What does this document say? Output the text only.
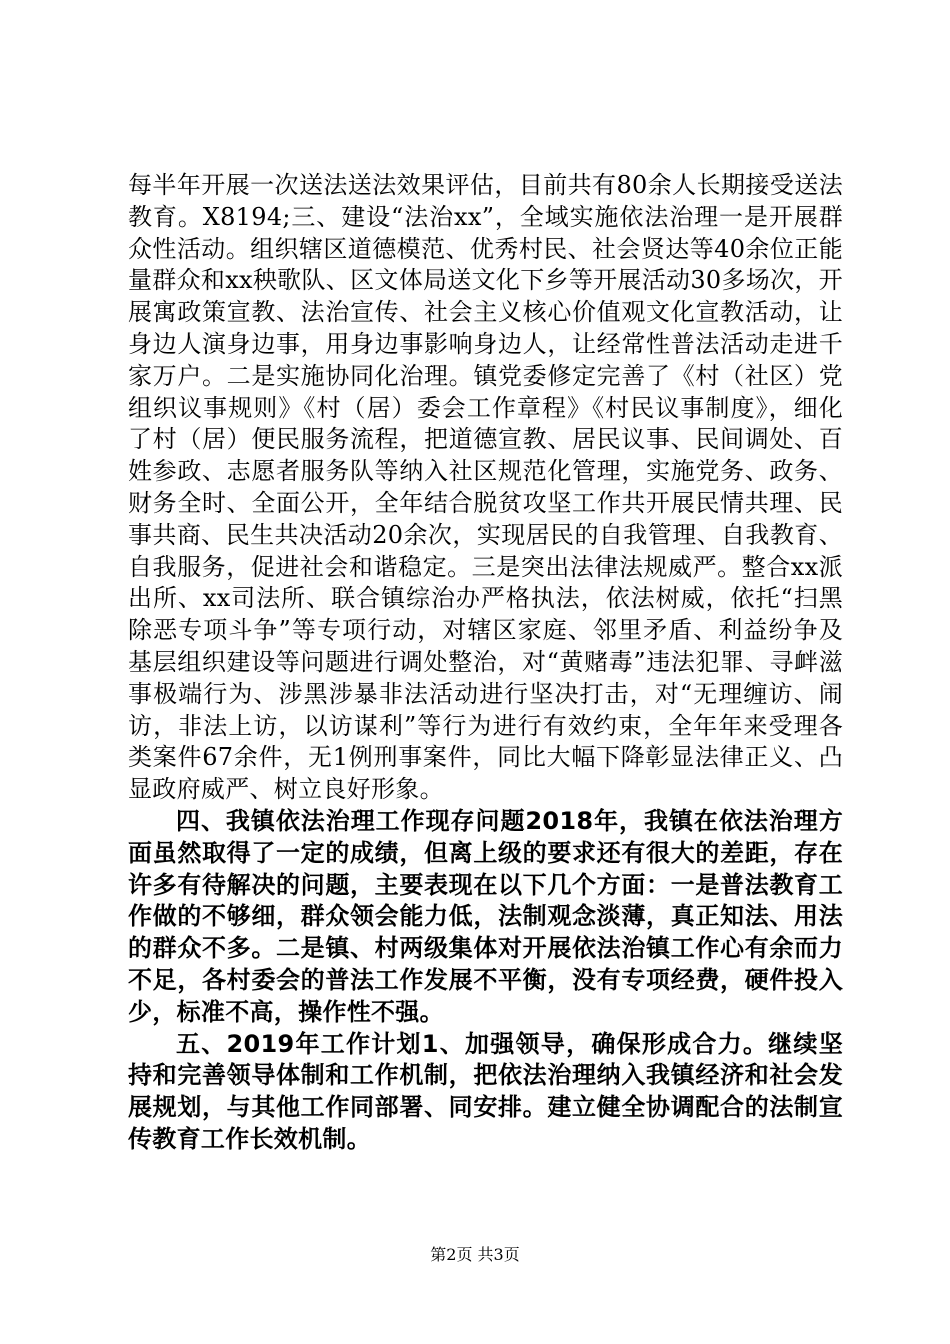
每半年开展一次送法送法效果评估，目前共有80余人长期接受送法教育。X8194;三、建设“法治xx”，全域实施依法治理一是开展群众性活动。组织辖区道德模范、优秀村民、社会贤达等40余位正能量群众和xx秧歌队、区文体局送文化下乡等开展活动30多场次，开展寓政策宣教、法治宣传、社会主义核心价值观文化宣教活动，让身边人演身边事，用身边事影响身边人，让经常性普法活动走进千家万户。二是实施协同化治理。镇党委修定完善了《村（社区）党组织议事规则》《村（居）委会工作章程》《村民议事制度》，细化了村（居）便民服务流程，把道德宣教、居民议事、民间调处、百姓参政、志愿者服务队等纳入社区规范化管理，实施党务、政务、财务全时、全面公开，全年结合脱贫攻坚工作共开展民情共理、民事共商、民生共决活动20余次，实现居民的自我管理、自我教育、自我服务，促进社会和谐稳定。三是突出法律法规威严。整合xx派出所、xx司法所、联合镇综治办严格执法，依法树威，依托“扫黑除恶专项斗争”等专项行动，对辖区家庭、邻里矛盾、利益纷争及基层组织建设等问题进行调处整治，对“黄赌毒”违法犯罪、寻衅滋事极端行为、涉黑涉暴非法活动进行坚决打击，对“无理缠访、闹访，非法上访，以访谋利”等行为进行有效约束，全年年来受理各类案件67余件，无1例刑事案件，同比大幅下降彰显法律正义、凸显政府威严、树立良好形象。

四、我镇依法治理工作现存问题2018年，我镇在依法治理方面虽然取得了一定的成绩，但离上级的要求还有很大的差距，存在许多有待解决的问题，主要表现在以下几个方面：一是普法教育工作做的不够细，群众领会能力低，法制观念淡薄，真正知法、用法的群众不多。二是镇、村两级集体对开展依法治镇工作心有余而力不足，各村委会的普法工作发展不平衡，没有专项经费，硬件投入少，标准不高，操作性不强。

五、2019年工作计划1、加强领导，确保形成合力。继续坚持和完善领导体制和工作机制，把依法治理纳入我镇经济和社会发展规划，与其他工作同部署、同安排。建立健全协调配合的法制宣传教育工作长效机制。

第2页 共3页
